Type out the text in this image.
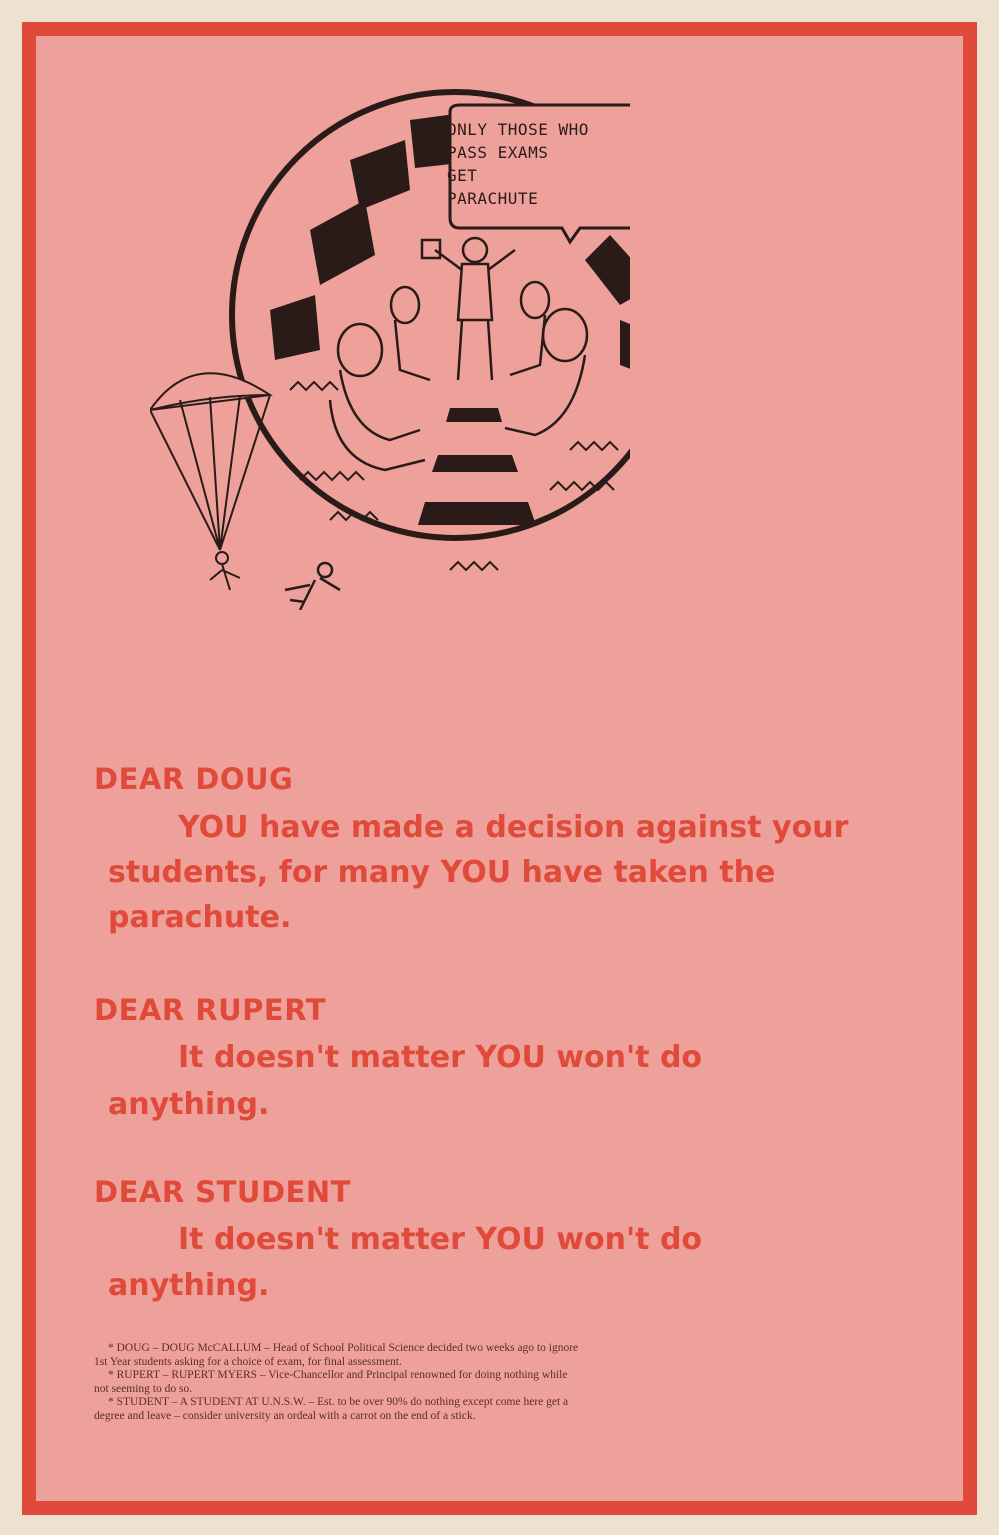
ONLY THOSE WHO
PASS EXAMS
GET
PARACHUTE
DEAR DOUG
YOU have made a decision against your
students, for many YOU have taken the
parachute.
DEAR RUPERT
It doesn't matter YOU won't do
anything.
DEAR STUDENT
It doesn't matter YOU won't do
anything.

* DOUG – DOUG McCALLUM – Head of School Political Science decided two weeks ago to ignore 1st Year students asking for a choice of exam, for final assessment.

* RUPERT – RUPERT MYERS – Vice-Chancellor and Principal renowned for doing nothing while not seeming to do so.

* STUDENT – A STUDENT AT U.N.S.W. – Est. to be over 90% do nothing except come here get a degree and leave – consider university an ordeal with a carrot on the end of a stick.
